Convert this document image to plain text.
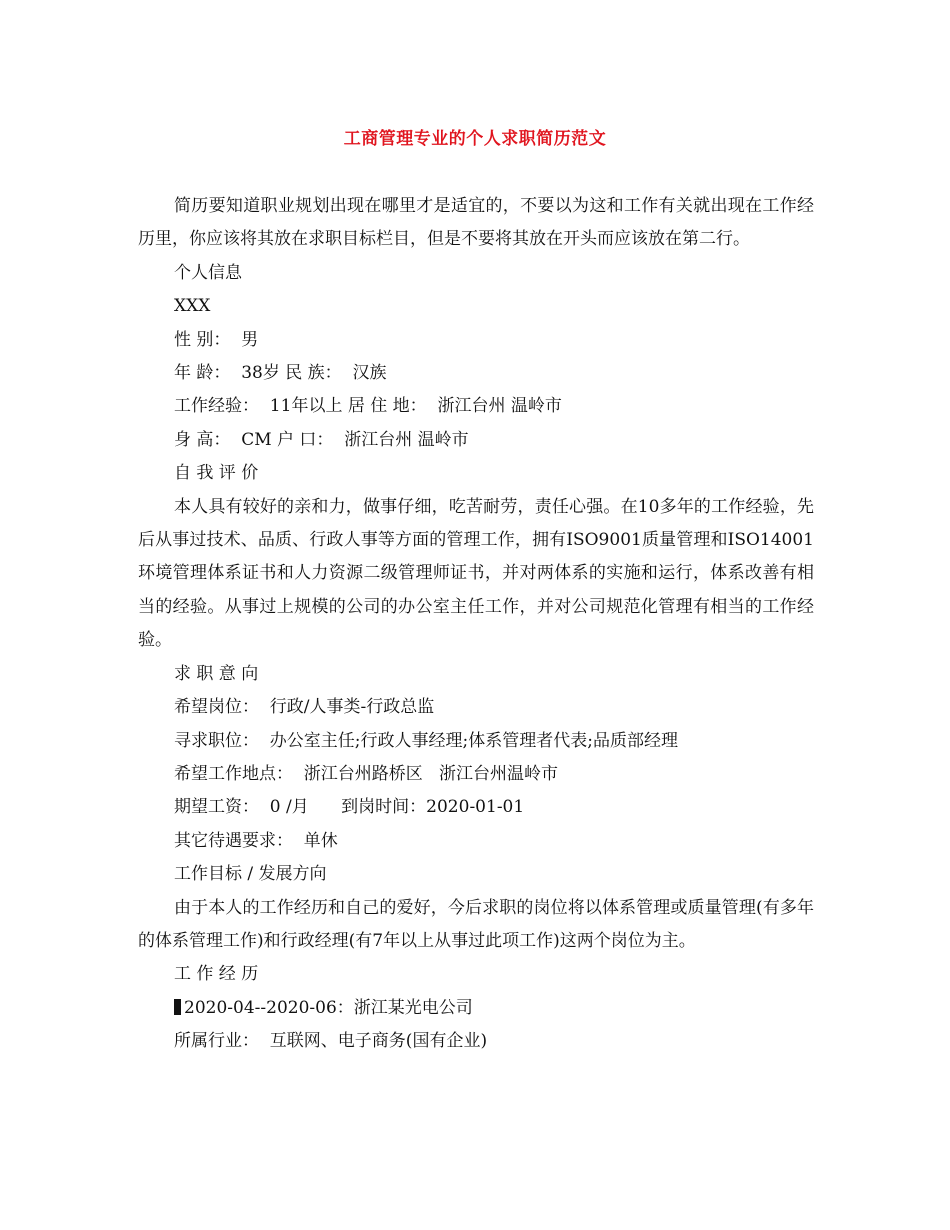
工商管理专业的个人求职简历范文

简历要知道职业规划出现在哪里才是适宜的，不要以为这和工作有关就出现在工作经历里，你应该将其放在求职目标栏目，但是不要将其放在开头而应该放在第二行。

个人信息

XXX

性 别：  男

年 龄：  38岁 民 族：  汉族

工作经验：  11年以上 居 住 地：  浙江台州 温岭市

身 高：  CM 户 口：  浙江台州 温岭市

自 我 评 价

本人具有较好的亲和力，做事仔细，吃苦耐劳，责任心强。在10多年的工作经验，先后从事过技术、品质、行政人事等方面的管理工作，拥有ISO9001质量管理和ISO14001环境管理体系证书和人力资源二级管理师证书，并对两体系的实施和运行，体系改善有相当的经验。从事过上规模的公司的办公室主任工作，并对公司规范化管理有相当的工作经验。

求 职 意 向

希望岗位：  行政/人事类-行政总监

寻求职位：  办公室主任;行政人事经理;体系管理者代表;品质部经理

希望工作地点：  浙江台州路桥区   浙江台州温岭市

期望工资：  0 /月      到岗时间：2020-01-01

其它待遇要求：  单休

工作目标 / 发展方向

由于本人的工作经历和自己的爱好，今后求职的岗位将以体系管理或质量管理(有多年的体系管理工作)和行政经理(有7年以上从事过此项工作)这两个岗位为主。

工 作 经 历

2020-04--2020-06：浙江某光电公司

所属行业：  互联网、电子商务(国有企业)
